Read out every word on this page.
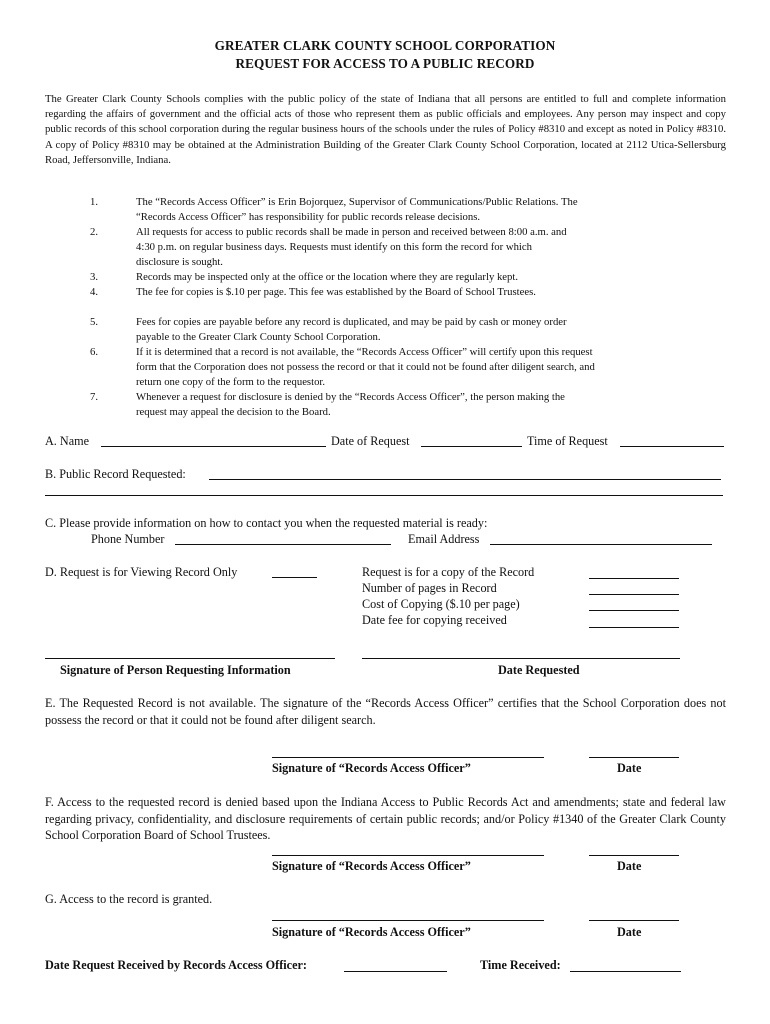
GREATER CLARK COUNTY SCHOOL CORPORATION
REQUEST FOR ACCESS TO A PUBLIC RECORD
The Greater Clark County Schools complies with the public policy of the state of Indiana that all persons are entitled to full and complete information regarding the affairs of government and the official acts of those who represent them as public officials and employees. Any person may inspect and copy public records of this school corporation during the regular business hours of the schools under the rules of Policy #8310 and except as noted in Policy #8310. A copy of Policy #8310 may be obtained at the Administration Building of the Greater Clark County School Corporation, located at 2112 Utica-Sellersburg Road, Jeffersonville, Indiana.
1.	The “Records Access Officer” is Erin Bojorquez, Supervisor of Communications/Public Relations. The “Records Access Officer” has responsibility for public records release decisions.
2.	All requests for access to public records shall be made in person and received between 8:00 a.m. and 4:30 p.m. on regular business days. Requests must identify on this form the record for which disclosure is sought.
3.	Records may be inspected only at the office or the location where they are regularly kept.
4.	The fee for copies is $.10 per page. This fee was established by the Board of School Trustees.
5.	Fees for copies are payable before any record is duplicated, and may be paid by cash or money order payable to the Greater Clark County School Corporation.
6.	If it is determined that a record is not available, the “Records Access Officer” will certify upon this request form that the Corporation does not possess the record or that it could not be found after diligent search, and return one copy of the form to the requestor.
7.	Whenever a request for disclosure is denied by the “Records Access Officer”, the person making the request may appeal the decision to the Board.
A. Name	Date of Request	Time of Request
B. Public Record Requested:
C. Please provide information on how to contact you when the requested material is ready:
Phone Number	Email Address
D. Request is for Viewing Record Only	Request is for a copy of the Record
Number of pages in Record
Cost of Copying ($.10 per page)
Date fee for copying received
Signature of Person Requesting Information	Date Requested
E. The Requested Record is not available. The signature of the “Records Access Officer” certifies that the School Corporation does not possess the record or that it could not be found after diligent search.
Signature of “Records Access Officer”	Date
F. Access to the requested record is denied based upon the Indiana Access to Public Records Act and amendments; state and federal law regarding privacy, confidentiality, and disclosure requirements of certain public records; and/or Policy #1340 of the Greater Clark County School Corporation Board of School Trustees.
Signature of “Records Access Officer”	Date
G. Access to the record is granted.
Signature of “Records Access Officer”	Date
Date Request Received by Records Access Officer:	Time Received:
